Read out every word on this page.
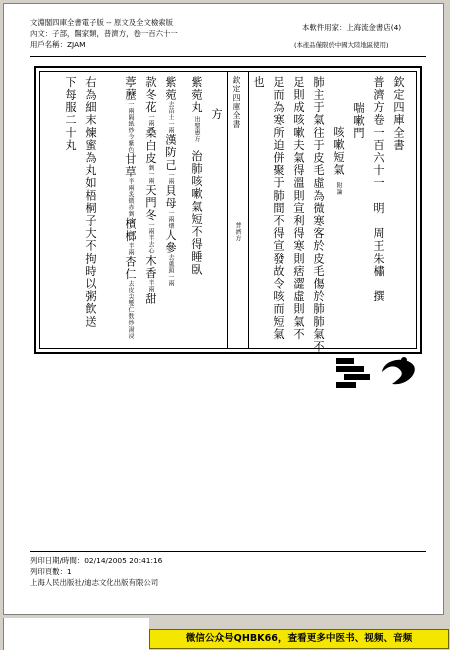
文淵閣四庫全書電子版 -- 原文及全文檢索版
內文：子部，醫家類，普濟方，卷一百六十一
用戶名稱：ZJAM
本軟件用家：上海流金書店(4)
(本產品僅限於中國大陸地區使用)
欽定四庫全書
普濟方卷一百六十一　明　周王朱橚　撰
喘嗽門
咳嗽短氣附論
肺主于氣往于皮毛虛為微寒客於皮毛傷於肺肺氣不
足則成咳嗽夫氣得溫則宣利得寒則痞澀虛則氣不
足而為寒所迫併聚于肺間不得宣發故令咳而短氣
也
欽定四庫全書
普濟方
方
紫菀丸出聖惠方
治肺咳嗽氣短不得睡臥
紫菀去苗土一兩漢防己一兩貝母一兩煨人參去蘆頭一兩
款冬花一兩桑白皮剉一兩天門冬一兩半去心木香半兩甜
葶藶一兩隔紙炒令紫色甘草半兩炙微赤剉檳榔半兩杏仁去皮尖雙仁麩炒湯浸
右為細末煉蜜為丸如梧桐子大不拘時以粥飲送
下每服二十丸
列印日期/時間：02/14/2005 20:41:16
列印頁數：1
上海人民出版社/迪志文化出版有限公司
微信公众号QHBK66，查看更多中医书、视频、音频
